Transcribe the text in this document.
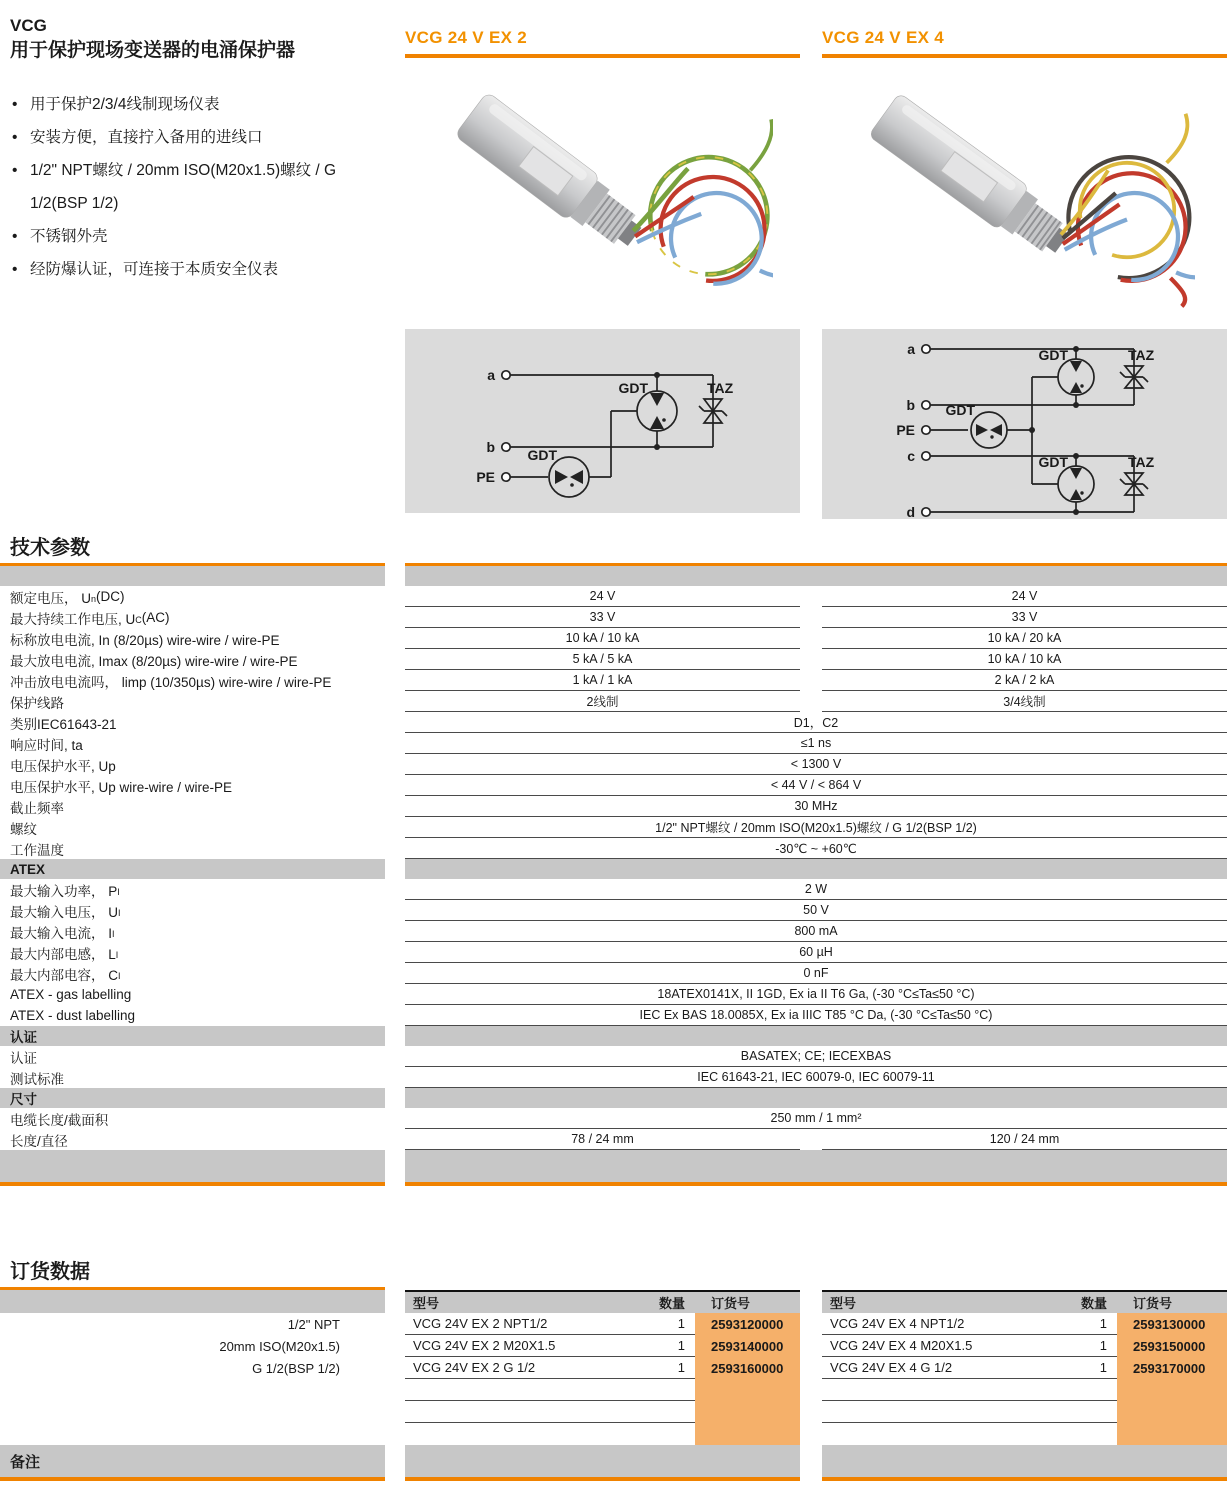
VCG
用于保护现场变送器的电涌保护器
• 用于保护2/3/4线制现场仪表
• 安装方便，直接拧入备用的进线口
• 1/2" NPT螺纹 / 20mm ISO(M20x1.5)螺纹 / G 1/2(BSP 1/2)
• 不锈钢外壳
• 经防爆认证，可连接于本质安全仪表
VCG 24 V EX 2
a
b
PE
GDT	TAZ
GDT
VCG 24 V EX 4
a
b
PE
c
d
GDT	TAZ
GDT	TAZ
GDT
技术参数
额定电压， U n (DC)	24 V	24 V
最大持续工作电压, U C (AC)	33 V	33 V
标称放电电流, In (8/20µs) wire-wire / wire-PE	10 kA / 10 kA	10 kA / 20 kA
最大放电电流, Imax (8/20µs) wire-wire / wire-PE	5 kA / 5 kA	10 kA / 10 kA
冲击放电电流吗， limp (10/350µs) wire-wire / wire-PE	1 kA / 1 kA	2 kA / 2 kA
保护线路	2线制	3/4线制
类别IEC61643-21	D1，C2
响应时间, ta	≤1 ns
电压保护水平, Up	< 1300 V
电压保护水平, Up wire-wire / wire-PE	< 44 V / < 864 V
截止频率	30 MHz
螺纹	1/2" NPT螺纹 / 20mm ISO(M20x1.5)螺纹 / G 1/2(BSP 1/2)
工作温度	-30℃ ~ +60℃
ATEX
最大输入功率， P I	2 W
最大输入电压， U I	50 V
最大输入电流， I I	800 mA
最大内部电感， L I	60 µH
最大内部电容， C I	0 nF
ATEX - gas labelling	18ATEX0141X, II 1GD, Ex ia II T6 Ga, (-30 °C≤Ta≤50 °C)
ATEX - dust labelling	IEC Ex BAS 18.0085X, Ex ia IIIC T85 °C Da, (-30 °C≤Ta≤50 °C)
认证
认证	BASATEX; CE; IECEXBAS
测试标准	IEC 61643-21, IEC 60079-0, IEC 60079-11
尺寸
电缆长度/截面积	250 mm / 1 mm²
长度/直径	78 / 24 mm	120 / 24 mm
订货数据
型号	数量	订货号	型号	数量	订货号
1/2" NPT	VCG 24V EX 2 NPT1/2	1	2593120000	VCG 24V EX 4 NPT1/2	1	2593130000
20mm ISO(M20x1.5)	VCG 24V EX 2 M20X1.5	1	2593140000	VCG 24V EX 4 M20X1.5	1	2593150000
G 1/2(BSP 1/2)	VCG 24V EX 2 G 1/2	1	2593160000	VCG 24V EX 4 G 1/2	1	2593170000
备注
